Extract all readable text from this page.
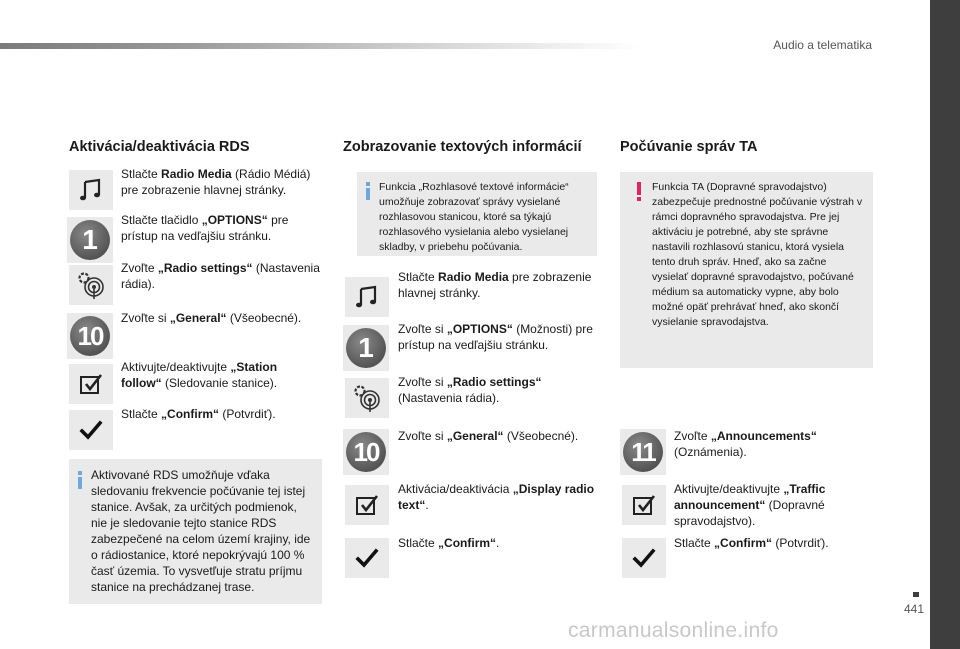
Audio a telematika
441
carmanualsonline.info
Aktivácia/deaktivácia RDS
Stlačte Radio Media (Rádio Médiá) pre zobrazenie hlavnej stránky.
1
Stlačte tlačidlo „OPTIONS“ pre prístup na vedľajšiu stránku.
Zvoľte „Radio settings“ (Nastavenia rádia).
10
Zvoľte si „General“ (Všeobecné).
Aktivujte/deaktivujte „Station follow“ (Sledovanie stanice).
Stlačte „Confirm“ (Potvrdiť).
Aktivované RDS umožňuje vďaka sledovaniu frekvencie počúvanie tej istej stanice. Avšak, za určitých podmienok, nie je sledovanie tejto stanice RDS zabezpečené na celom území krajiny, ide o rádiostanice, ktoré nepokrývajú 100 % časť územia. To vysvetľuje stratu príjmu stanice na prechádzanej trase.
Zobrazovanie textových informácií
Funkcia „Rozhlasové textové informácie“ umožňuje zobrazovať správy vysielané rozhlasovou stanicou, ktoré sa týkajú rozhlasového vysielania alebo vysielanej skladby, v priebehu počúvania.
Stlačte Radio Media pre zobrazenie hlavnej stránky.
1
Zvoľte si „OPTIONS“ (Možnosti) pre prístup na vedľajšiu stránku.
Zvoľte si „Radio settings“ (Nastavenia rádia).
10
Zvoľte si „General“ (Všeobecné).
Aktivácia/deaktivácia „Display radio text“.
Stlačte „Confirm“.
Počúvanie správ TA
Funkcia TA (Dopravné spravodajstvo) zabezpečuje prednostné počúvanie výstrah v rámci dopravného spravodajstva. Pre jej aktiváciu je potrebné, aby ste správne nastavili rozhlasovú stanicu, ktorá vysiela tento druh správ. Hneď, ako sa začne vysielať dopravné spravodajstvo, počúvané médium sa automaticky vypne, aby bolo možné opäť prehrávať hneď, ako skončí vysielanie spravodajstva.
11
Zvoľte „Announcements“ (Oznámenia).
Aktivujte/deaktivujte „Traffic announcement“ (Dopravné spravodajstvo).
Stlačte „Confirm“ (Potvrdiť).
